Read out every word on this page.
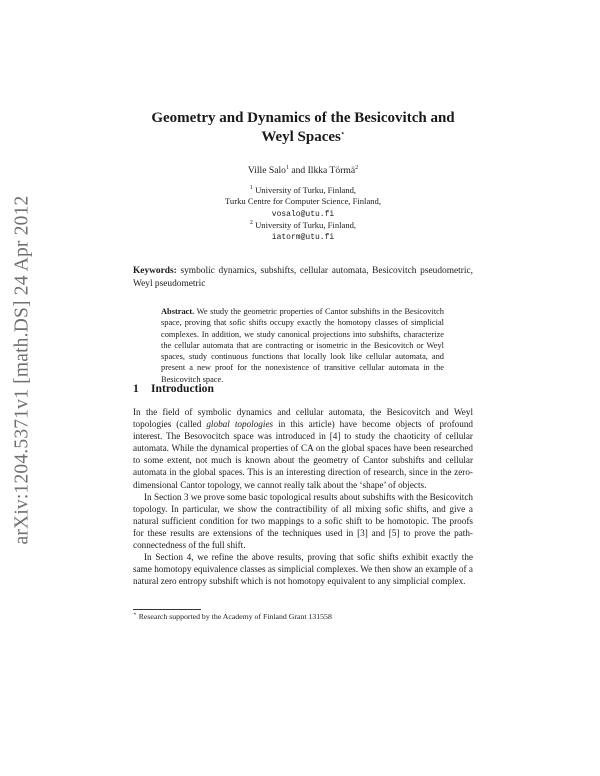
arXiv:1204.5371v1 [math.DS] 24 Apr 2012
Geometry and Dynamics of the Besicovitch and
Weyl Spaces⋆
Ville Salo$^1$ and Ilkka Törmä$^2$
$^1$ University of Turku, Finland,
Turku Centre for Computer Science, Finland,
vosalo@utu.fi
$^2$ University of Turku, Finland,
iatorm@utu.fi
Keywords: symbolic dynamics, subshifts, cellular automata, Besicovitch pseudometric, Weyl pseudometric
Abstract. We study the geometric properties of Cantor subshifts in the Besicovitch space, proving that sofic shifts occupy exactly the homotopy classes of simplicial complexes. In addition, we study canonical projections into subshifts, characterize the cellular automata that are contracting or isometric in the Besicovitch or Weyl spaces, study continuous functions that locally look like cellular automata, and present a new proof for the nonexistence of transitive cellular automata in the Besicovitch space.
1 Introduction

In the field of symbolic dynamics and cellular automata, the Besicovitch and Weyl topologies (called global topologies in this article) have become objects of profound interest. The Besovocitch space was introduced in [4] to study the chaoticity of cellular automata. While the dynamical properties of CA on the global spaces have been researched to some extent, not much is known about the geometry of Cantor subshifts and cellular automata in the global spaces. This is an interesting direction of research, since in the zero-dimensional Cantor topology, we cannot really talk about the ‘shape’ of objects.

In Section 3 we prove some basic topological results about subshifts with the Besicovitch topology. In particular, we show the contractibility of all mixing sofic shifts, and give a natural sufficient condition for two mappings to a sofic shift to be homotopic. The proofs for these results are extensions of the techniques used in [3] and [5] to prove the path-connectedness of the full shift.

In Section 4, we refine the above results, proving that sofic shifts exhibit exactly the same homotopy equivalence classes as simplicial complexes. We then show an example of a natural zero entropy subshift which is not homotopy equivalent to any simplicial complex.

⋆ Research supported by the Academy of Finland Grant 131558
